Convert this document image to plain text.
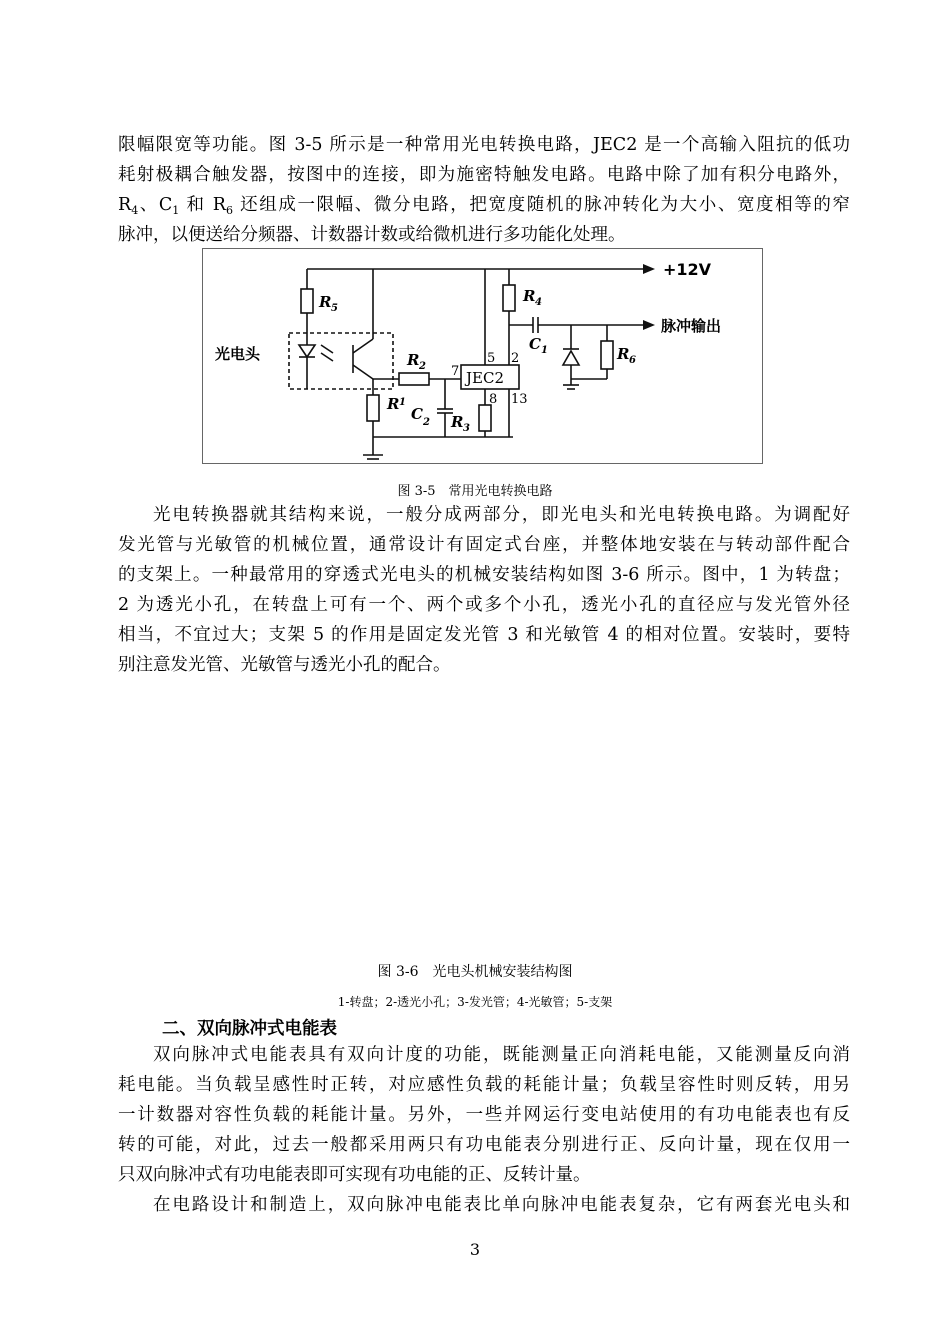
限幅限宽等功能。图 3-5 所示是一种常用光电转换电路，JEC2 是一个高输入阻抗的低功
耗射极耦合触发器，按图中的连接，即为施密特触发电路。电路中除了加有积分电路外，
$R_4$、$C_1$ 和 $R_6$ 还组成一限幅、微分电路，把宽度随机的脉冲转化为大小、宽度相等的窄
脉冲，以便送给分频器、计数器计数或给微机进行多功能化处理。
+12V
脉冲输出
光电头
R 5
R 4
R 2
R 1
C 2 R 3
C 1	R 6
JEC2
7
5 2
8 13
图 3-5　常用光电转换电路
光电转换器就其结构来说，一般分成两部分，即光电头和光电转换电路。为调配好
发光管与光敏管的机械位置，通常设计有固定式台座，并整体地安装在与转动部件配合
的支架上。一种最常用的穿透式光电头的机械安装结构如图 3-6 所示。图中，1 为转盘；
2 为透光小孔，在转盘上可有一个、两个或多个小孔，透光小孔的直径应与发光管外径
相当，不宜过大；支架 5 的作用是固定发光管 3 和光敏管 4 的相对位置。安装时，要特
别注意发光管、光敏管与透光小孔的配合。
图 3-6　光电头机械安装结构图
1-转盘；2-透光小孔；3-发光管；4-光敏管；5-支架
二、双向脉冲式电能表
双向脉冲式电能表具有双向计度的功能，既能测量正向消耗电能，又能测量反向消
耗电能。当负载呈感性时正转，对应感性负载的耗能计量；负载呈容性时则反转，用另
一计数器对容性负载的耗能计量。另外，一些并网运行变电站使用的有功电能表也有反
转的可能，对此，过去一般都采用两只有功电能表分别进行正、反向计量，现在仅用一
只双向脉冲式有功电能表即可实现有功电能的正、反转计量。
在电路设计和制造上，双向脉冲电能表比单向脉冲电能表复杂，它有两套光电头和
3
